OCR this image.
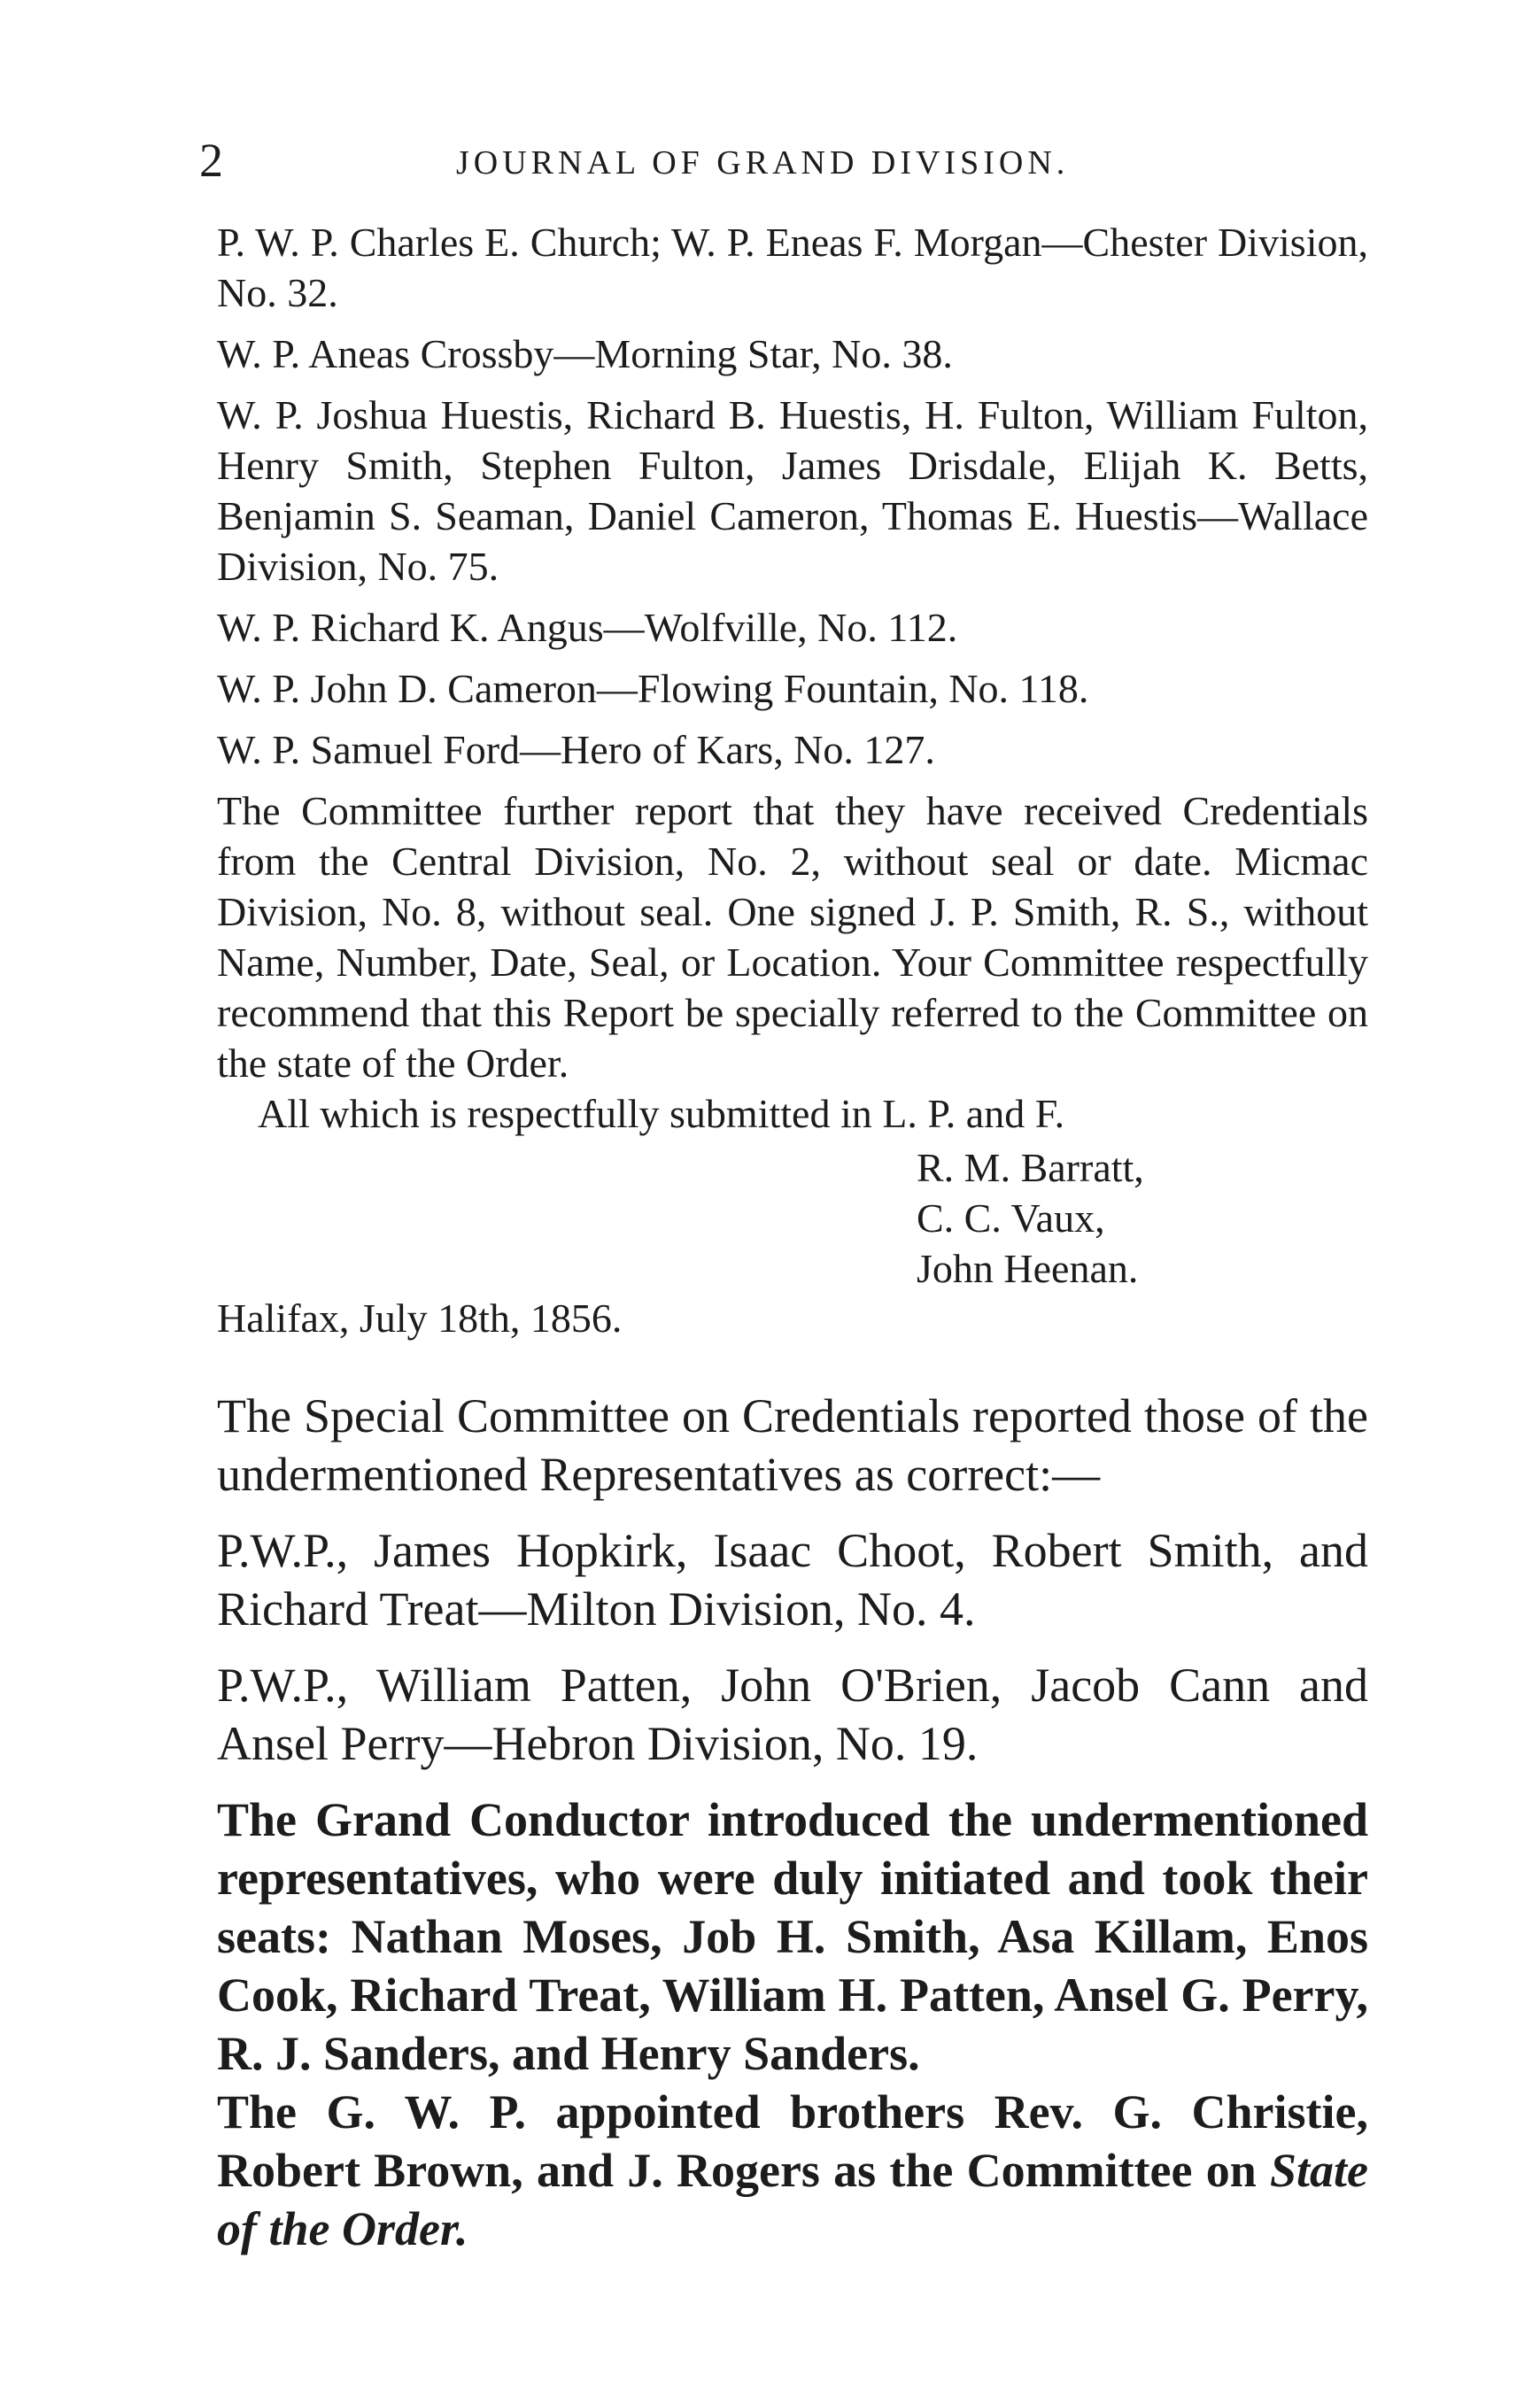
2	JOURNAL OF GRAND DIVISION.

P. W. P. Charles E. Church; W. P. Eneas F. Morgan—Chester Division, No. 32.

W. P. Aneas Crossby—Morning Star, No. 38.

W. P. Joshua Huestis, Richard B. Huestis, H. Fulton, William Fulton, Henry Smith, Stephen Fulton, James Drisdale, Elijah K. Betts, Benjamin S. Seaman, Daniel Cameron, Thomas E. Huestis—Wallace Division, No. 75.

W. P. Richard K. Angus—Wolfville, No. 112.

W. P. John D. Cameron—Flowing Fountain, No. 118.

W. P. Samuel Ford—Hero of Kars, No. 127.

The Committee further report that they have received Credentials from the Central Division, No. 2, without seal or date. Micmac Division, No. 8, without seal. One signed J. P. Smith, R. S., without Name, Number, Date, Seal, or Location. Your Committee respectfully recommend that this Report be specially referred to the Committee on the state of the Order.

All which is respectfully submitted in L. P. and F.

R. M. Barratt,
C. C. Vaux,
John Heenan.
Halifax, July 18th, 1856.

The Special Committee on Credentials reported those of the undermentioned Representatives as correct:—

P.W.P., James Hopkirk, Isaac Choot, Robert Smith, and Richard Treat—Milton Division, No. 4.

P.W.P., William Patten, John O'Brien, Jacob Cann and Ansel Perry—Hebron Division, No. 19.

The Grand Conductor introduced the undermentioned representatives, who were duly initiated and took their seats: Nathan Moses, Job H. Smith, Asa Killam, Enos Cook, Richard Treat, William H. Patten, Ansel G. Perry, R. J. Sanders, and Henry Sanders.

The G. W. P. appointed brothers Rev. G. Christie, Robert Brown, and J. Rogers as the Committee on State of the Order.
